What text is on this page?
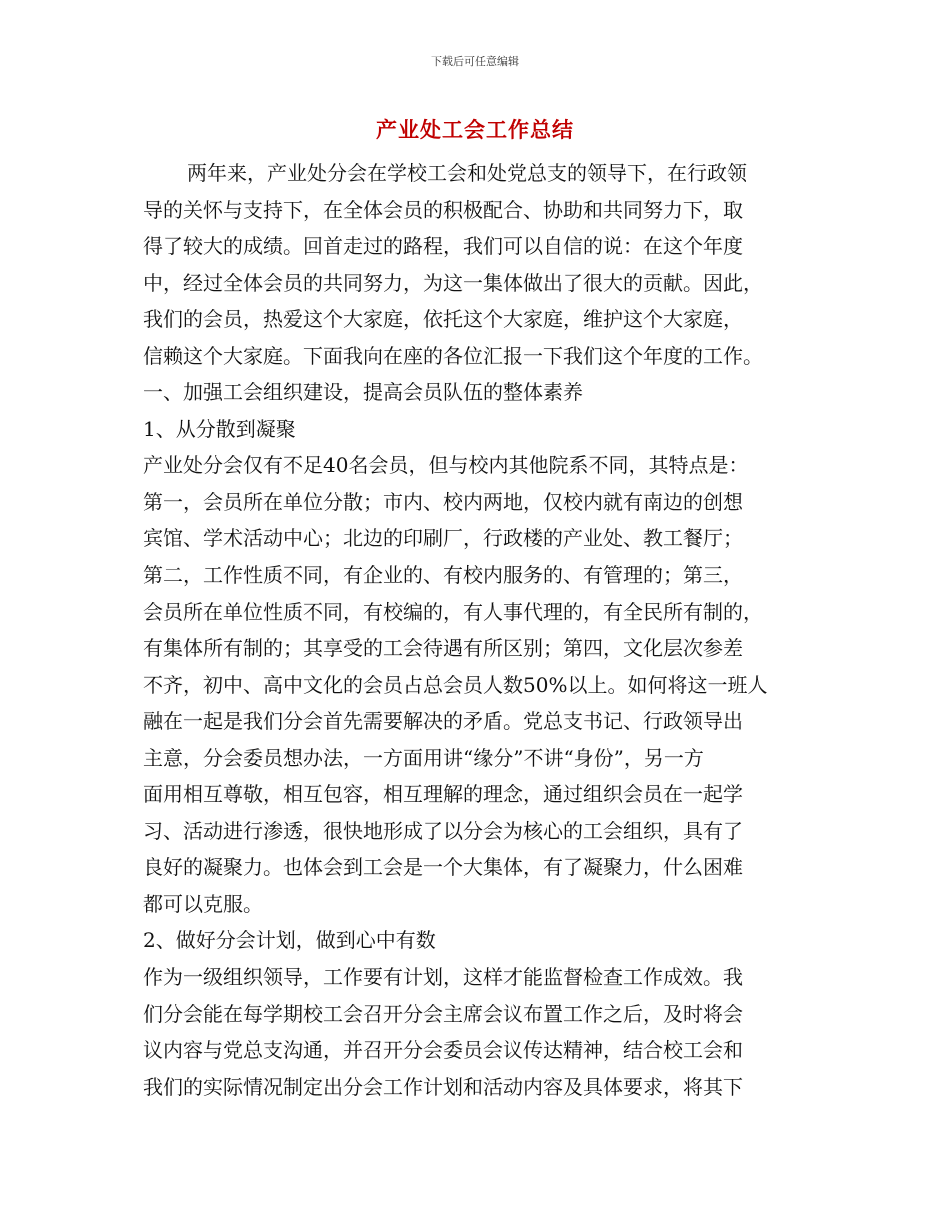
下载后可任意编辑
产业处工会工作总结
两年来，产业处分会在学校工会和处党总支的领导下，在行政领
导的关怀与支持下，在全体会员的积极配合、协助和共同努力下，取
得了较大的成绩。回首走过的路程，我们可以自信的说：在这个年度
中，经过全体会员的共同努力，为这一集体做出了很大的贡献。因此，
我们的会员，热爱这个大家庭，依托这个大家庭，维护这个大家庭，
信赖这个大家庭。下面我向在座的各位汇报一下我们这个年度的工作。
一、加强工会组织建设，提高会员队伍的整体素养
1、从分散到凝聚
产业处分会仅有不足40名会员，但与校内其他院系不同，其特点是：
第一，会员所在单位分散；市内、校内两地，仅校内就有南边的创想
宾馆、学术活动中心；北边的印刷厂，行政楼的产业处、教工餐厅；
第二，工作性质不同，有企业的、有校内服务的、有管理的；第三，
会员所在单位性质不同，有校编的，有人事代理的，有全民所有制的，
有集体所有制的；其享受的工会待遇有所区别；第四，文化层次参差
不齐，初中、高中文化的会员占总会员人数50%以上。如何将这一班人
融在一起是我们分会首先需要解决的矛盾。党总支书记、行政领导出
主意，分会委员想办法，一方面用讲“缘分”不讲“身份”，另一方
面用相互尊敬，相互包容，相互理解的理念，通过组织会员在一起学
习、活动进行渗透，很快地形成了以分会为核心的工会组织，具有了
良好的凝聚力。也体会到工会是一个大集体，有了凝聚力，什么困难
都可以克服。
2、做好分会计划，做到心中有数
作为一级组织领导，工作要有计划，这样才能监督检查工作成效。我
们分会能在每学期校工会召开分会主席会议布置工作之后，及时将会
议内容与党总支沟通，并召开分会委员会议传达精神，结合校工会和
我们的实际情况制定出分会工作计划和活动内容及具体要求，将其下
